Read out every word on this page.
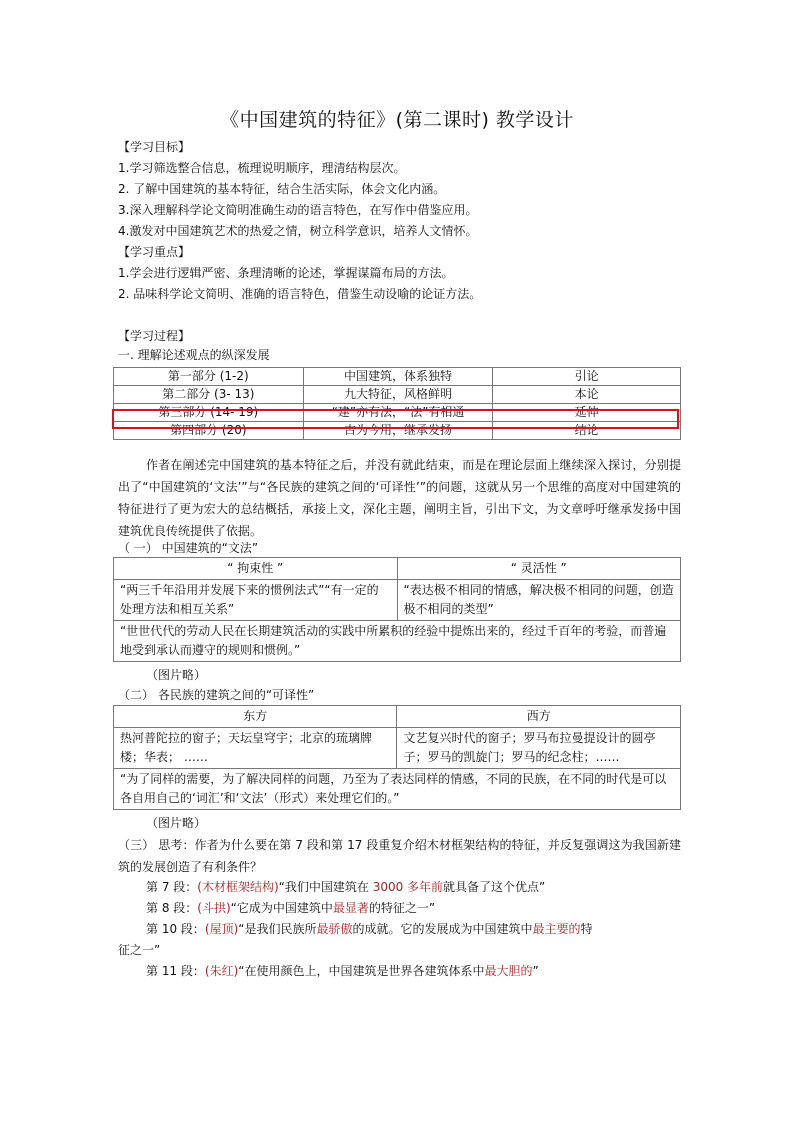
《中国建筑的特征》(第二课时) 教学设计
【学习目标】
1.学习筛选整合信息，梳理说明顺序，理清结构层次。
2. 了解中国建筑的基本特征，结合生活实际，体会文化内涵。
3.深入理解科学论文简明准确生动的语言特色，在写作中借鉴应用。
4.激发对中国建筑艺术的热爱之情，树立科学意识，培养人文情怀。
【学习重点】
1.学会进行逻辑严密、条理清晰的论述，掌握谋篇布局的方法。
2. 品味科学论文简明、准确的语言特色，借鉴生动设喻的论证方法。
【学习过程】
一. 理解论述观点的纵深发展
第一部分 (1-2)	中国建筑，体系独特	引论
第二部分 (3- 13)	九大特征，风格鲜明	本论
第三部分 (14- 19)	“建”亦有法，“法”有相通	延伸
第四部分 (20)	古为今用，继承发扬	结论
作者在阐述完中国建筑的基本特征之后，并没有就此结束，而是在理论层面上继续深入探讨，分别提出了“中国建筑的‘文法’”与“各民族的建筑之间的‘可译性’”的问题，这就从另一个思维的高度对中国建筑的特征进行了更为宏大的总结概括，承接上文，深化主题，阐明主旨，引出下文，为文章呼吁继承发扬中国建筑优良传统提供了依据。
（ 一） 中国建筑的“文法”
“ 拘束性 ”	“ 灵活性 ”
“两三千年沿用并发展下来的惯例法式”“有一定的处理方法和相互关系”	“表达极不相同的情感，解决极不相同的问题，创造极不相同的类型”
“世世代代的劳动人民在长期建筑活动的实践中所累积的经验中提炼出来的，经过千百年的考验，而普遍地受到承认而遵守的规则和惯例。”	
（图片略）
（二） 各民族的建筑之间的“可译性”
东方	西方
热河普陀拉的窗子；天坛皇穹宇；北京的琉璃牌楼；华表； ……	文艺复兴时代的窗子；罗马布拉曼提设计的圆亭子；罗马的凯旋门；罗马的纪念柱；……
“为了同样的需要，为了解决同样的问题，乃至为了表达同样的情感，不同的民族，在不同的时代是可以各自用自己的‘词汇’和‘文法’（形式）来处理它们的。”	
（图片略）
（三） 思考：作者为什么要在第 7 段和第 17 段重复介绍木材框架结构的特征，并反复强调这为我国新建筑的发展创造了有利条件？
第 7 段：(木材框架结构)“我们中国建筑在 3000 多年前就具备了这个优点”
第 8 段：(斗拱)“它成为中国建筑中最显著的特征之一”
第 10 段：(屋顶)“是我们民族所最骄傲的成就。它的发展成为中国建筑中最主要的特
征之一”
第 11 段：(朱红)“在使用颜色上，中国建筑是世界各建筑体系中最大胆的”
